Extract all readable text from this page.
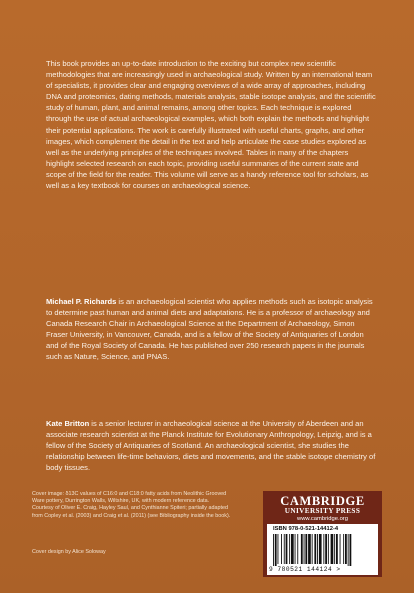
This book provides an up-to-date introduction to the exciting but complex new scientific methodologies that are increasingly used in archaeological study. Written by an international team of specialists, it provides clear and engaging overviews of a wide array of approaches, including DNA and proteomics, dating methods, materials analysis, stable isotope analysis, and the scientific study of human, plant, and animal remains, among other topics. Each technique is explored through the use of actual archaeological examples, which both explain the methods and highlight their potential applications. The work is carefully illustrated with useful charts, graphs, and other images, which complement the detail in the text and help articulate the case studies explored as well as the underlying principles of the techniques involved. Tables in many of the chapters highlight selected research on each topic, providing useful summaries of the current state and scope of the field for the reader. This volume will serve as a handy reference tool for scholars, as well as a key textbook for courses on archaeological science.

Michael P. Richards is an archaeological scientist who applies methods such as isotopic analysis to determine past human and animal diets and adaptations. He is a professor of archaeology and Canada Research Chair in Archaeological Science at the Department of Archaeology, Simon Fraser University, in Vancouver, Canada, and is a fellow of the Society of Antiquaries of London and of the Royal Society of Canada. He has published over 250 research papers in the journals such as Nature, Science, and PNAS.

Kate Britton is a senior lecturer in archaeological science at the University of Aberdeen and an associate research scientist at the Planck Institute for Evolutionary Anthropology, Leipzig, and is a fellow of the Society of Antiquaries of Scotland. An archaeological scientist, she studies the relationship between life-time behaviors, diets and movements, and the stable isotope chemistry of body tissues.

Cover image: δ13C values of C16:0 and C18:0 fatty acids from Neolithic Grooved Ware pottery, Durrington Walls, Wiltshire, UK, with modern reference data. Courtesy of Oliver E. Craig, Hayley Saul, and Cynthianne Spiteri; partially adapted from Copley et al. (2003) and Craig et al. (2011) (see Bibliography inside the book).
Cover design by Alice Soloway
CAMBRIDGE
UNIVERSITY PRESS
www.cambridge.org
ISBN 978-0-521-14412-4
9 780521 144124 >
